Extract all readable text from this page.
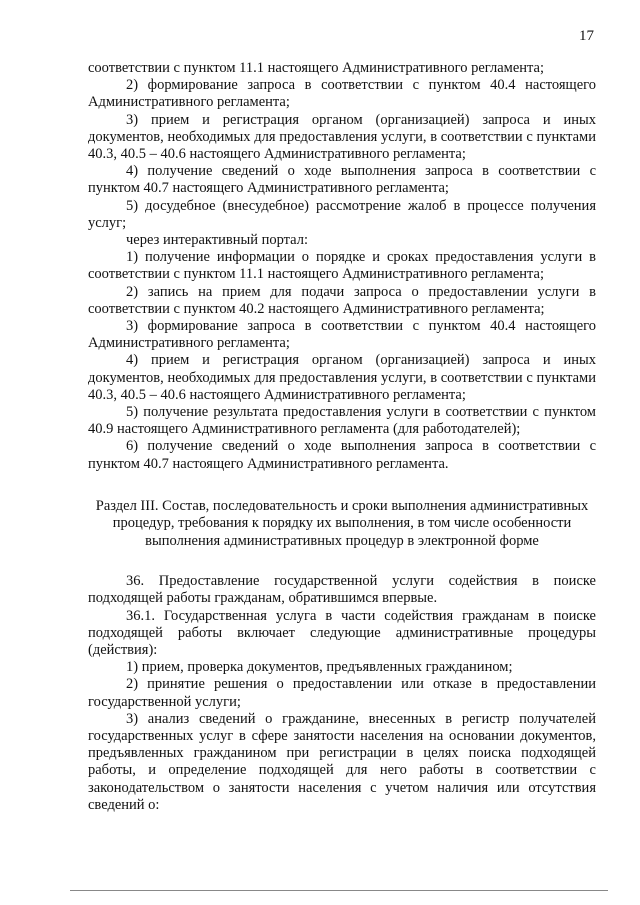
17

соответствии с пунктом 11.1 настоящего Административного регламента;

2) формирование запроса в соответствии с пунктом 40.4 настоящего Административного регламента;

3) прием и регистрация органом (организацией) запроса и иных документов, необходимых для предоставления услуги, в соответствии с пунктами 40.3, 40.5 – 40.6 настоящего Административного регламента;

4) получение сведений о ходе выполнения запроса в соответствии с пунктом 40.7 настоящего Административного регламента;

5) досудебное (внесудебное) рассмотрение жалоб в процессе получения услуг;

через интерактивный портал:

1) получение информации о порядке и сроках предоставления услуги в соответствии с пунктом 11.1 настоящего Административного регламента;

2) запись на прием для подачи запроса о предоставлении услуги в соответствии с пунктом 40.2 настоящего Административного регламента;

3) формирование запроса в соответствии с пунктом 40.4 настоящего Административного регламента;

4) прием и регистрация органом (организацией) запроса и иных документов, необходимых для предоставления услуги, в соответствии с пунктами 40.3, 40.5 – 40.6 настоящего Административного регламента;

5) получение результата предоставления услуги в соответствии с пунктом 40.9 настоящего Административного регламента (для работодателей);

6) получение сведений о ходе выполнения запроса в соответствии с пунктом 40.7 настоящего Административного регламента.

Раздел III. Состав, последовательность и сроки выполнения административных процедур, требования к порядку их выполнения, в том числе особенности выполнения административных процедур в электронной форме

36. Предоставление государственной услуги содействия в поиске подходящей работы гражданам, обратившимся впервые.

36.1. Государственная услуга в части содействия гражданам в поиске подходящей работы включает следующие административные процедуры (действия):

1) прием, проверка документов, предъявленных гражданином;

2) принятие решения о предоставлении или отказе в предоставлении государственной услуги;

3) анализ сведений о гражданине, внесенных в регистр получателей государственных услуг в сфере занятости населения на основании документов, предъявленных гражданином при регистрации в целях поиска подходящей работы, и определение подходящей для него работы в соответствии с законодательством о занятости населения с учетом наличия или отсутствия сведений о:
